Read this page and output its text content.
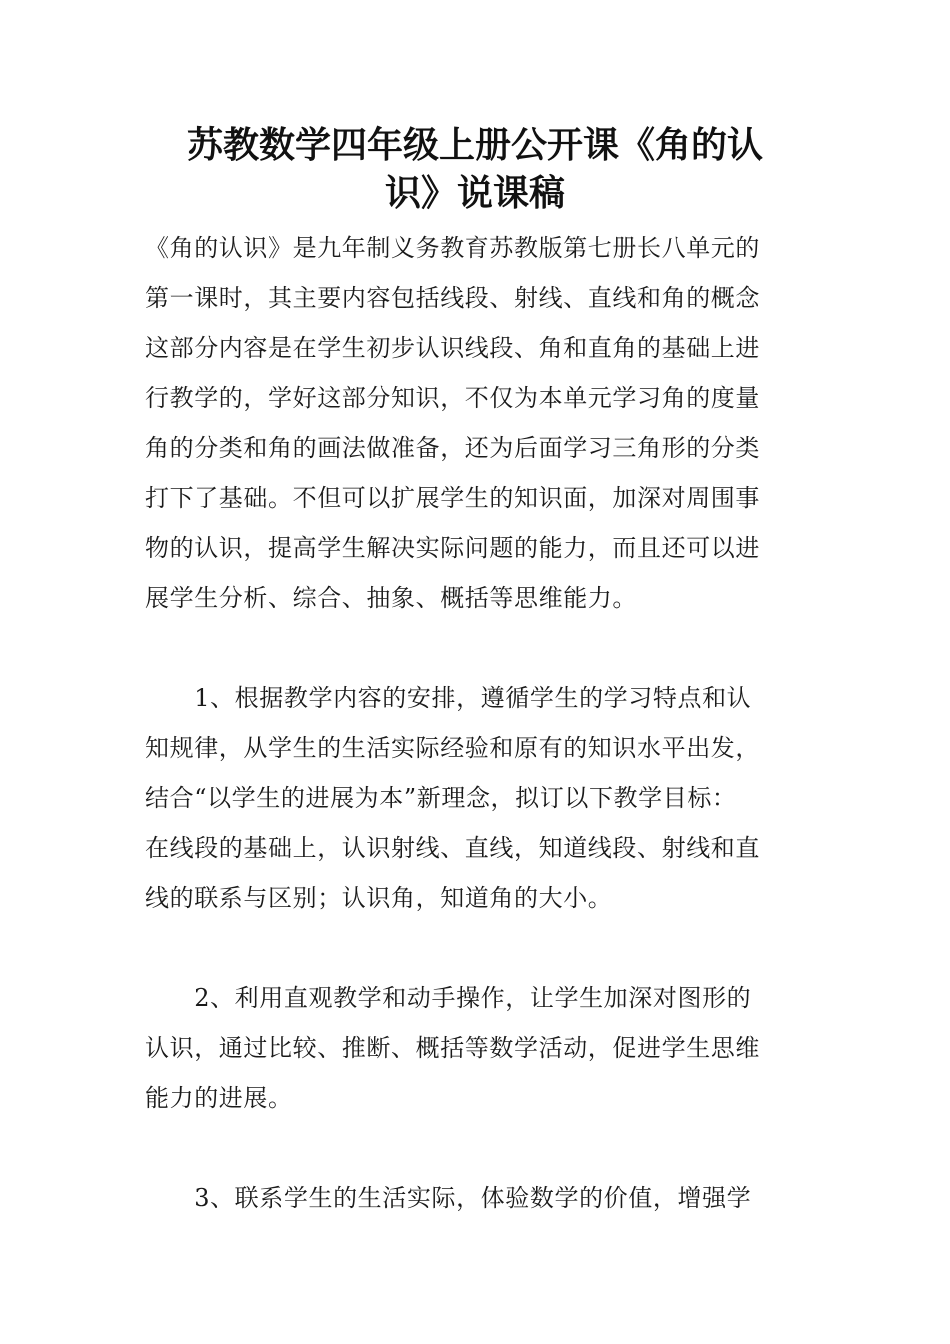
苏教数学四年级上册公开课《角的认
识》说课稿

《角的认识》是九年制义务教育苏教版第七册长八单元的

第一课时，其主要内容包括线段、射线、直线和角的概念

这部分内容是在学生初步认识线段、角和直角的基础上进

行教学的，学好这部分知识，不仅为本单元学习角的度量

角的分类和角的画法做准备，还为后面学习三角形的分类

打下了基础。不但可以扩展学生的知识面，加深对周围事

物的认识，提高学生解决实际问题的能力，而且还可以进

展学生分析、综合、抽象、概括等思维能力。

　　1、根据教学内容的安排，遵循学生的学习特点和认

知规律，从学生的生活实际经验和原有的知识水平出发，

结合“以学生的进展为本”新理念，拟订以下教学目标：

在线段的基础上，认识射线、直线，知道线段、射线和直

线的联系与区别；认识角，知道角的大小。

　　2、利用直观教学和动手操作，让学生加深对图形的

认识，通过比较、推断、概括等数学活动，促进学生思维

能力的进展。

　　3、联系学生的生活实际，体验数学的价值，增强学
